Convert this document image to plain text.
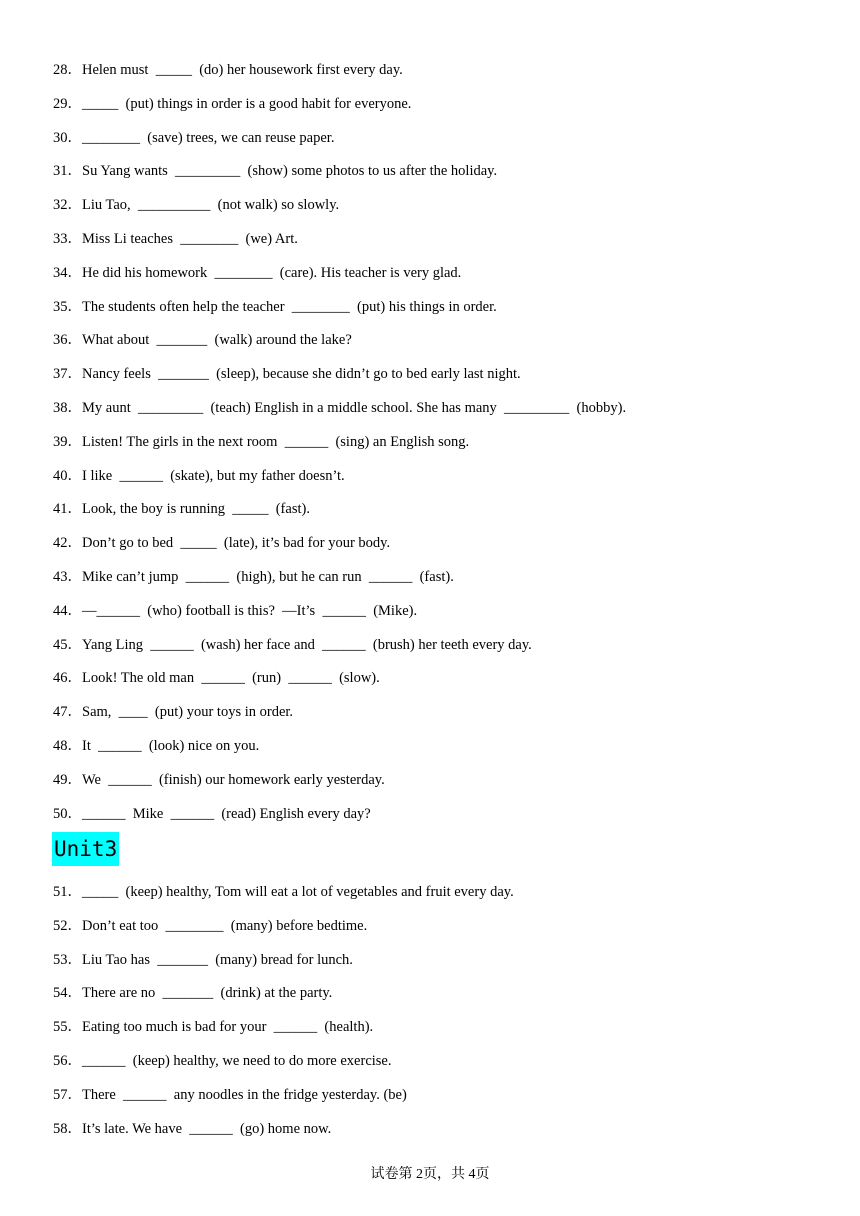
28．Helen must  _____  (do) her housework first every day.
29．_____  (put) things in order is a good habit for everyone.
30．________  (save) trees, we can reuse paper.
31．Su Yang wants  _________  (show) some photos to us after the holiday.
32．Liu Tao,  __________  (not walk) so slowly.
33．Miss Li teaches  ________  (we) Art.
34．He did his homework  ________  (care). His teacher is very glad.
35．The students often help the teacher  ________  (put) his things in order.
36．What about  _______  (walk) around the lake?
37．Nancy feels  _______  (sleep), because she didn’t go to bed early last night.
38．My aunt  _________  (teach) English in a middle school. She has many  _________  (hobby).
39．Listen! The girls in the next room  ______  (sing) an English song.
40．I like  ______  (skate), but my father doesn’t.
41．Look, the boy is running  _____  (fast).
42．Don’t go to bed  _____  (late), it’s bad for your body.
43．Mike can’t jump  ______  (high), but he can run  ______  (fast).
44．—______  (who) football is this?  —It’s  ______  (Mike).
45．Yang Ling  ______  (wash) her face and  ______  (brush) her teeth every day.
46．Look! The old man  ______  (run)  ______  (slow).
47．Sam,  ____  (put) your toys in order.
48．It  ______  (look) nice on you.
49．We  ______  (finish) our homework early yesterday.
50．______  Mike  ______  (read) English every day?
Unit3
51．_____  (keep) healthy, Tom will eat a lot of vegetables and fruit every day.
52．Don’t eat too  ________  (many) before bedtime.
53．Liu Tao has  _______  (many) bread for lunch.
54．There are no  _______  (drink) at the party.
55．Eating too much is bad for your  ______  (health).
56．______  (keep) healthy, we need to do more exercise.
57．There  ______  any noodles in the fridge yesterday. (be)
58．It’s late. We have  ______  (go) home now.
试卷第 2页，共 4页
